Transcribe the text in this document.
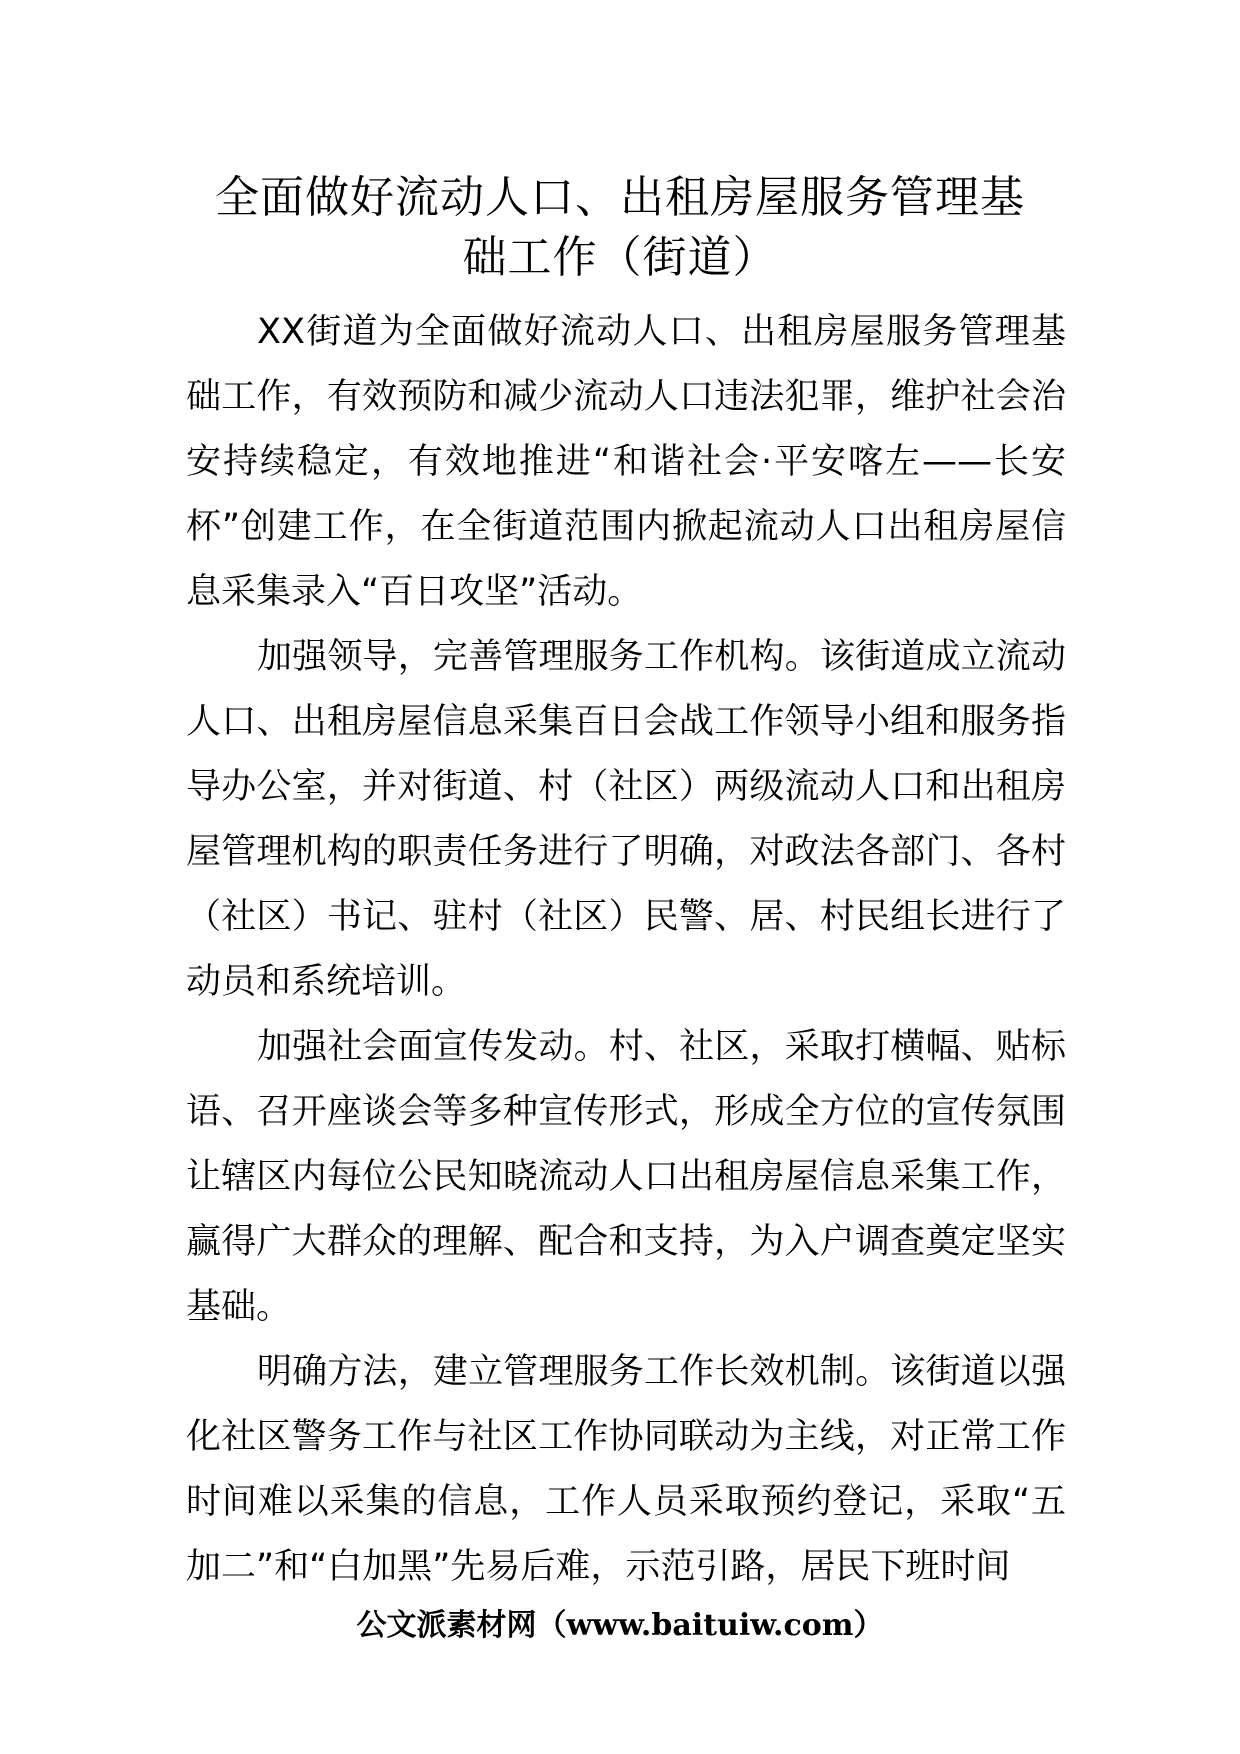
全面做好流动人口、出租房屋服务管理基
础工作（街道）

XX街道为全面做好流动人口、出租房屋服务管理基础工作，有效预防和减少流动人口违法犯罪，维护社会治安持续稳定，有效地推进“和谐社会·平安喀左——长安杯”创建工作，在全街道范围内掀起流动人口出租房屋信息采集录入“百日攻坚”活动。

加强领导，完善管理服务工作机构。该街道成立流动人口、出租房屋信息采集百日会战工作领导小组和服务指导办公室，并对街道、村（社区）两级流动人口和出租房屋管理机构的职责任务进行了明确，对政法各部门、各村（社区）书记、驻村（社区）民警、居、村民组长进行了动员和系统培训。

加强社会面宣传发动。村、社区，采取打横幅、贴标语、召开座谈会等多种宣传形式，形成全方位的宣传氛围让辖区内每位公民知晓流动人口出租房屋信息采集工作，赢得广大群众的理解、配合和支持，为入户调查奠定坚实基础。

明确方法，建立管理服务工作长效机制。该街道以强化社区警务工作与社区工作协同联动为主线，对正常工作时间难以采集的信息，工作人员采取预约登记，采取“五加二”和“白加黑”先易后难，示范引路，居民下班时间

公文派素材网（www.baituiw.com）
